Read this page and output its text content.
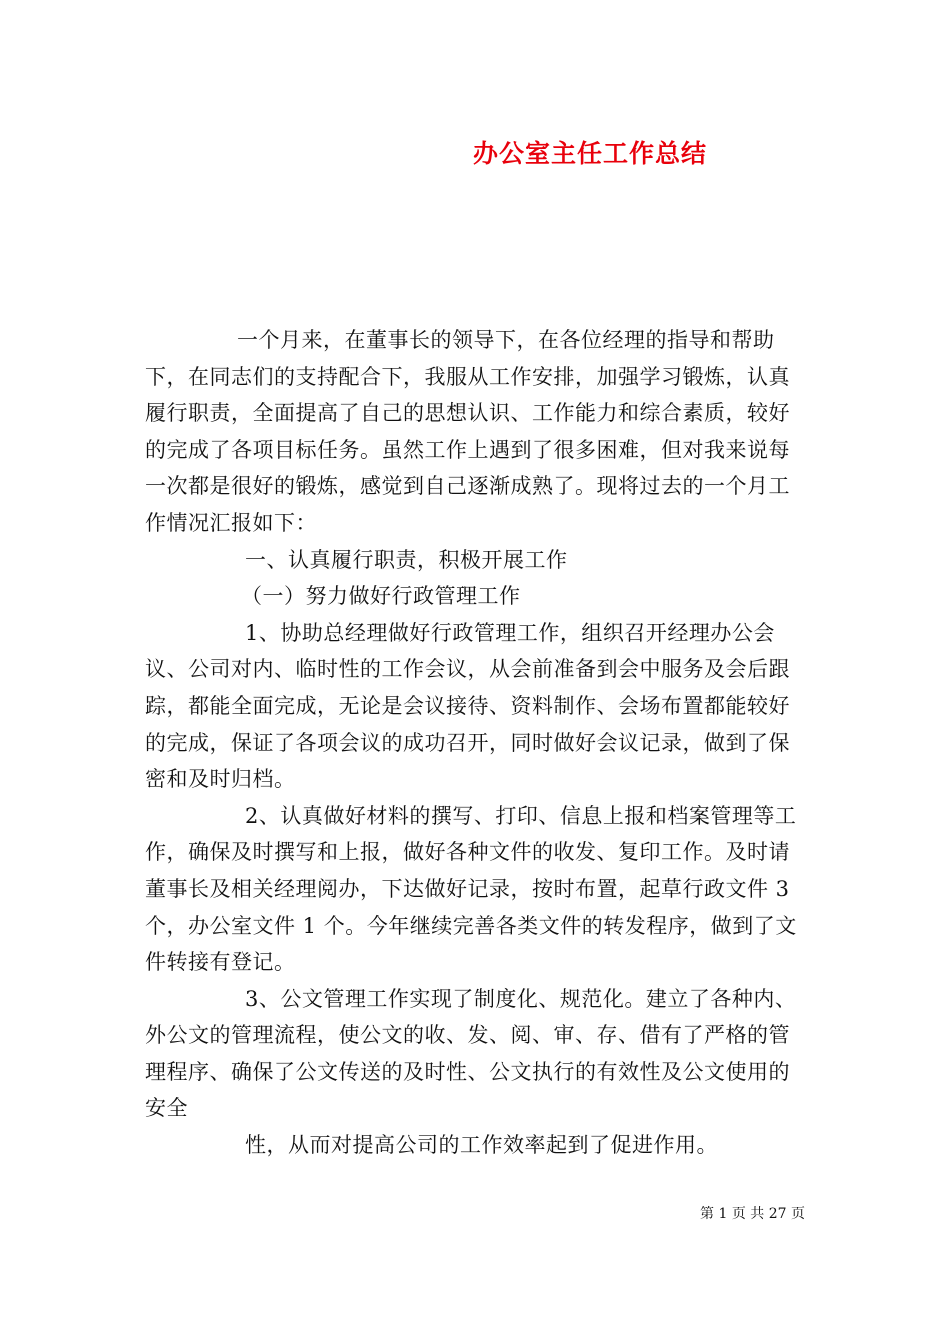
办公室主任工作总结

一个月来，在董事长的领导下，在各位经理的指导和帮助下，在同志们的支持配合下，我服从工作安排，加强学习锻炼，认真履行职责，全面提高了自己的思想认识、工作能力和综合素质，较好的完成了各项目标任务。虽然工作上遇到了很多困难，但对我来说每一次都是很好的锻炼，感觉到自己逐渐成熟了。现将过去的一个月工作情况汇报如下：

一、认真履行职责，积极开展工作

（一）努力做好行政管理工作

1、协助总经理做好行政管理工作，组织召开经理办公会议、公司对内、临时性的工作会议，从会前准备到会中服务及会后跟踪，都能全面完成，无论是会议接待、资料制作、会场布置都能较好的完成，保证了各项会议的成功召开，同时做好会议记录，做到了保密和及时归档。

2、认真做好材料的撰写、打印、信息上报和档案管理等工作，确保及时撰写和上报，做好各种文件的收发、复印工作。及时请董事长及相关经理阅办，下达做好记录，按时布置，起草行政文件 3 个，办公室文件 1 个。今年继续完善各类文件的转发程序，做到了文件转接有登记。

3、公文管理工作实现了制度化、规范化。建立了各种内、外公文的管理流程，使公文的收、发、阅、审、存、借有了严格的管理程序、确保了公文传送的及时性、公文执行的有效性及公文使用的安全

性，从而对提高公司的工作效率起到了促进作用。

第 1 页 共 27 页
